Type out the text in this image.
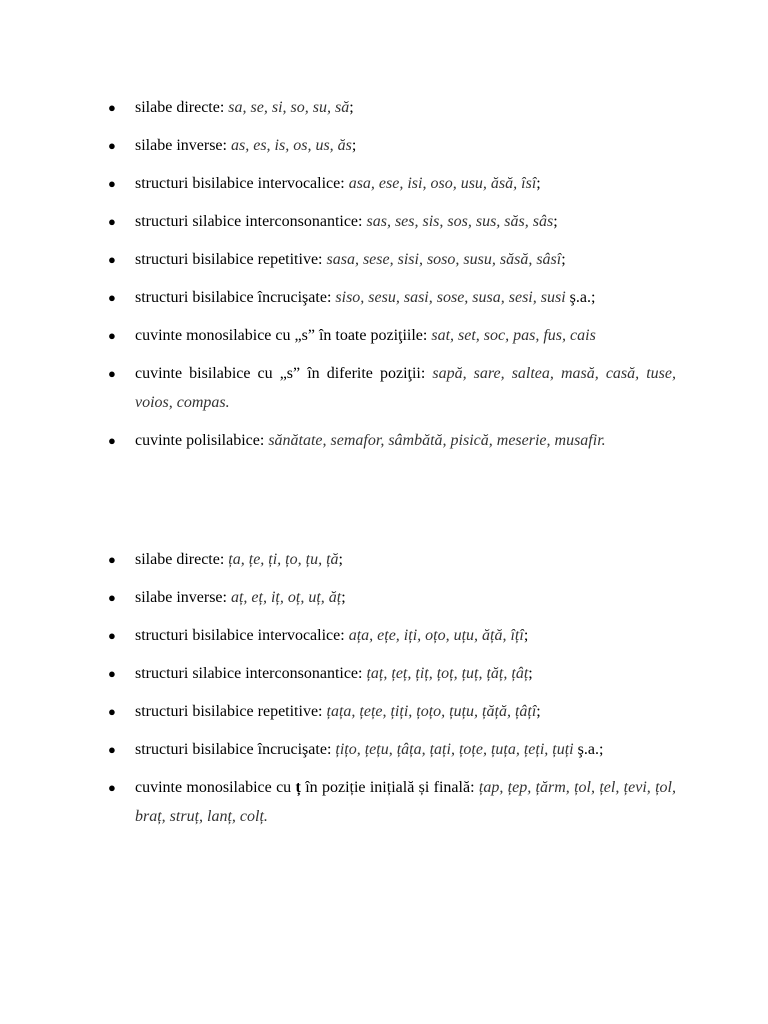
● silabe directe: sa, se, si, so, su, să;
● silabe inverse: as, es, is, os, us, ăs;
● structuri bisilabice intervocalice: asa, ese, isi, oso, usu, ăsă, îsî;
● structuri silabice interconsonantice: sas, ses, sis, sos, sus, săs, sâs;
● structuri bisilabice repetitive: sasa, sese, sisi, soso, susu, săsă, sâsî;
● structuri bisilabice încrucişate: siso, sesu, sasi, sose, susa, sesi, susi ş.a.;
● cuvinte monosilabice cu „s” în toate poziţiile: sat, set, soc, pas, fus, cais
● cuvinte bisilabice cu „s” în diferite poziţii: sapă, sare, saltea, masă, casă, tuse, voios, compas.
● cuvinte polisilabice: sănătate, semafor, sâmbătă, pisică, meserie, musafir.
● silabe directe: ța, țe, ți, țo, țu, ță;
● silabe inverse: aț, eț, iț, oț, uț, ăț;
● structuri bisilabice intervocalice: ața, ețe, iți, oțo, uțu, ăță, îțî;
● structuri silabice interconsonantice: țaț, țeț, țiț, țoț, țuț, țăț, țâț;
● structuri bisilabice repetitive: țața, țețe, țiți, țoțo, țuțu, țăță, țâțî;
● structuri bisilabice încrucişate: țițo, țețu, țâța, țați, țoțe, țuța, țeți, țuți ş.a.;
● cuvinte monosilabice cu ț în poziție inițială și finală: țap, țep, țărm, țol, țel, țevi, țol, braț, struț, lanț, colț.
